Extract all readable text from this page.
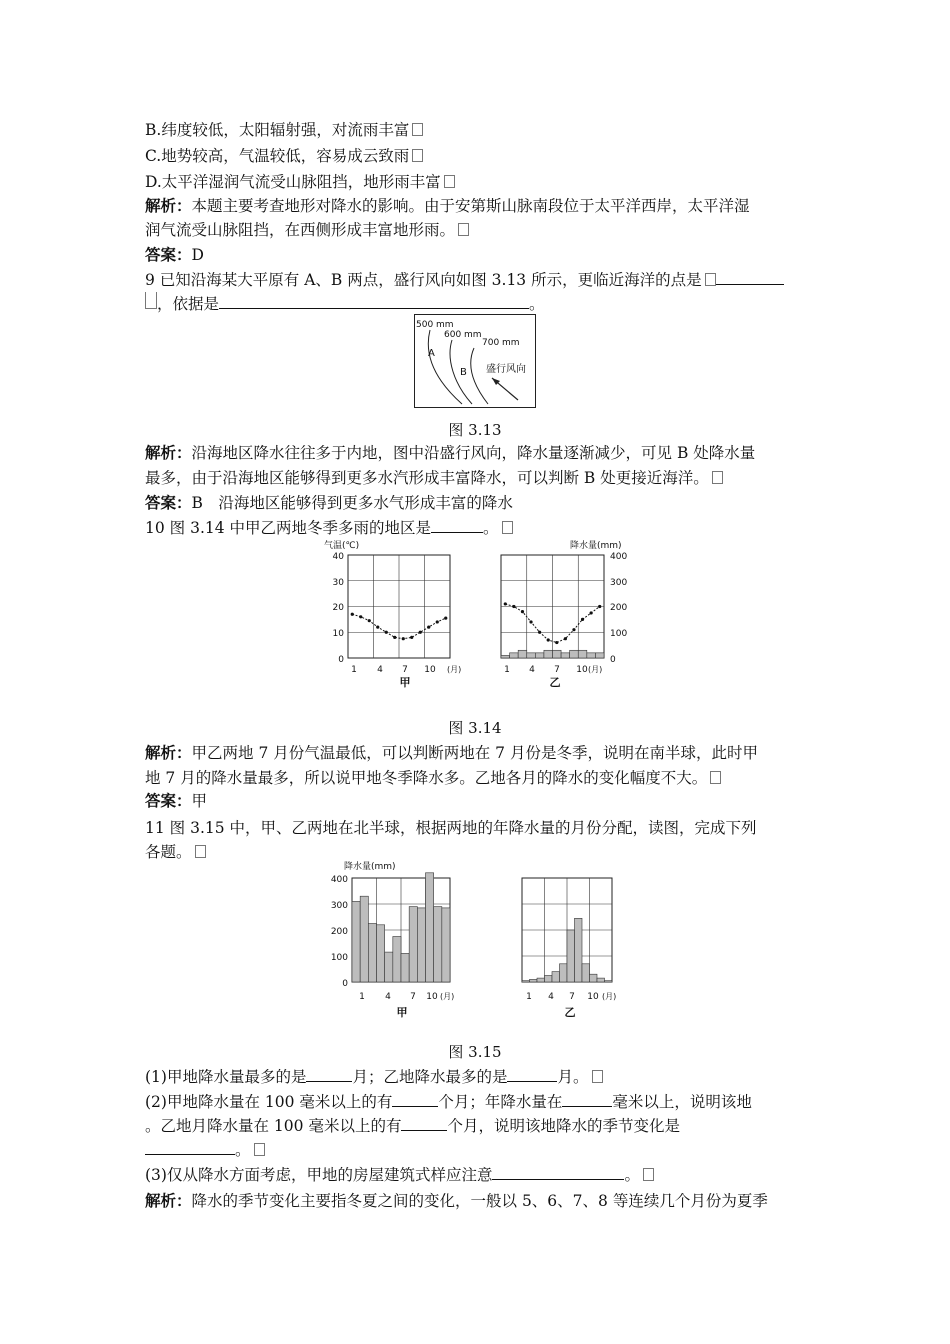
B.纬度较低，太阳辐射强，对流雨丰富
C.地势较高，气温较低，容易成云致雨
D.太平洋湿润气流受山脉阻挡，地形雨丰富
解析：本题主要考查地形对降水的影响。由于安第斯山脉南段位于太平洋西岸，太平洋湿
润气流受山脉阻挡，在西侧形成丰富地形雨。
答案：D
9 已知沿海某大平原有 A、B 两点，盛行风向如图 3.13 所示，更临近海洋的点是
，依据是	。
500 mm
600 mm
700 mm
A
B 盛行风向
图 3.13
解析：沿海地区降水往往多于内地，图中沿盛行风向，降水量逐渐减少，可见 B 处降水量
最多，由于沿海地区能够得到更多水汽形成丰富降水，可以判断 B 处更接近海洋。
答案：B　沿海地区能够得到更多水气形成丰富的降水
10 图 3.14 中甲乙两地冬季多雨的地区是	。
气温(℃)	降水量(mm)
40
30
20
10
0
400
300
200
100
0
1 4 7 10 (月)	1 4 7 10 (月)
甲	乙
图 3.14
解析：甲乙两地 7 月份气温最低，可以判断两地在 7 月份是冬季，说明在南半球，此时甲
地 7 月的降水量最多，所以说甲地冬季降水多。乙地各月的降水的变化幅度不大。
答案：甲
11 图 3.15 中，甲、乙两地在北半球，根据两地的年降水量的月份分配，读图，完成下列
各题。
降水量(mm)
400
300
200
100
0
1 4 7 10 (月)	1 4 7 10 (月)
甲	乙
图 3.15
(1)甲地降水量最多的是	月；乙地降水最多的是	月。
(2)甲地降水量在 100 毫米以上的有	个月；年降水量在	毫米以上，说明该地
。乙地月降水量在 100 毫米以上的有	个月，说明该地降水的季节变化是
。
(3)仅从降水方面考虑，甲地的房屋建筑式样应注意	。
解析：降水的季节变化主要指冬夏之间的变化，一般以 5、6、7、8 等连续几个月份为夏季
